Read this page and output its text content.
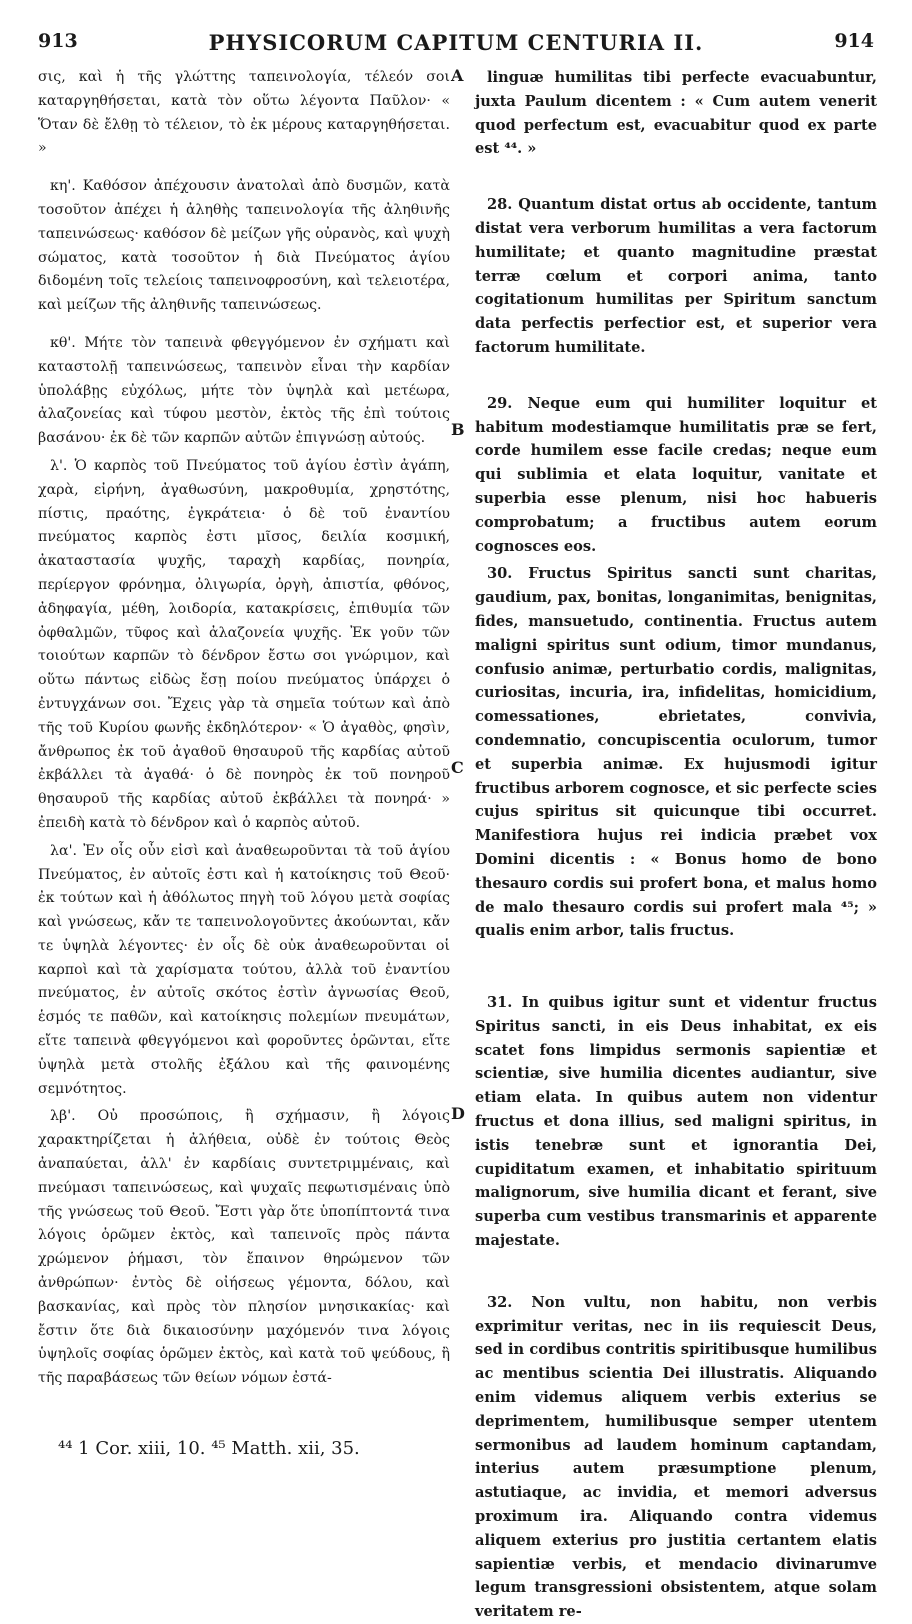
913	PHYSICORUM CAPITUM CENTURIA II.	914

σις, καὶ ἡ τῆς γλώττης ταπεινολογία, τέλεόν σοι καταργηθήσεται, κατὰ τὸν οὕτω λέγοντα Παῦλον· « Ὅταν δὲ ἔλθῃ τὸ τέλειον, τὸ ἐκ μέρους καταργηθήσεται. »

κη'. Καθόσον ἀπέχουσιν ἀνατολαὶ ἀπὸ δυσμῶν, κατὰ τοσοῦτον ἀπέχει ἡ ἀληθὴς ταπεινολογία τῆς ἀληθινῆς ταπεινώσεως· καθόσον δὲ μείζων γῆς οὐρανὸς, καὶ ψυχὴ σώματος, κατὰ τοσοῦτον ἡ διὰ Πνεύματος ἁγίου διδομένη τοῖς τελείοις ταπεινοφροσύνη, καὶ τελειοτέρα, καὶ μείζων τῆς ἀληθινῆς ταπεινώσεως.

κθ'. Μήτε τὸν ταπεινὰ φθεγγόμενον ἐν σχήματι καὶ καταστολῇ ταπεινώσεως, ταπεινὸν εἶναι τὴν καρδίαν ὑπολάβῃς εὐχόλως, μήτε τὸν ὑψηλὰ καὶ μετέωρα, ἀλαζονείας καὶ τύφου μεστὸν, ἐκτὸς τῆς ἐπὶ τούτοις βασάνου· ἐκ δὲ τῶν καρπῶν αὐτῶν ἐπιγνώσῃ αὐτούς.

λ'. Ὁ καρπὸς τοῦ Πνεύματος τοῦ ἁγίου ἐστὶν ἀγάπη, χαρὰ, εἰρήνη, ἀγαθωσύνη, μακροθυμία, χρηστότης, πίστις, πραότης, ἐγκράτεια· ὁ δὲ τοῦ ἐναντίου πνεύματος καρπὸς ἐστι μῖσος, δειλία κοσμική, ἀκαταστασία ψυχῆς, ταραχὴ καρδίας, πονηρία, περίεργον φρόνημα, ὀλιγωρία, ὀργὴ, ἀπιστία, φθόνος, ἀδηφαγία, μέθη, λοιδορία, κατακρίσεις, ἐπιθυμία τῶν ὀφθαλμῶν, τῦφος καὶ ἀλαζονεία ψυχῆς. Ἐκ γοῦν τῶν τοιούτων καρπῶν τὸ δένδρον ἔστω σοι γνώριμον, καὶ οὕτω πάντως εἰδὼς ἔσῃ ποίου πνεύματος ὑπάρχει ὁ ἐντυγχάνων σοι. Ἔχεις γὰρ τὰ σημεῖα τούτων καὶ ἀπὸ τῆς τοῦ Κυρίου φωνῆς ἐκδηλότερον· « Ὁ ἀγαθὸς, φησὶν, ἄνθρωπος ἐκ τοῦ ἀγαθοῦ θησαυροῦ τῆς καρδίας αὐτοῦ ἐκβάλλει τὰ ἀγαθά· ὁ δὲ πονηρὸς ἐκ τοῦ πονηροῦ θησαυροῦ τῆς καρδίας αὐτοῦ ἐκβάλλει τὰ πονηρά· » ἐπειδὴ κατὰ τὸ δένδρον καὶ ὁ καρπὸς αὐτοῦ.

λα'. Ἐν οἷς οὖν εἰσὶ καὶ ἀναθεωροῦνται τὰ τοῦ ἁγίου Πνεύματος, ἐν αὐτοῖς ἐστι καὶ ἡ κατοίκησις τοῦ Θεοῦ· ἐκ τούτων καὶ ἡ ἀθόλωτος πηγὴ τοῦ λόγου μετὰ σοφίας καὶ γνώσεως, κἄν τε ταπεινολογοῦντες ἀκούωνται, κἄν τε ὑψηλὰ λέγοντες· ἐν οἷς δὲ οὐκ ἀναθεωροῦνται οἱ καρποὶ καὶ τὰ χαρίσματα τούτου, ἀλλὰ τοῦ ἐναντίου πνεύματος, ἐν αὐτοῖς σκότος ἐστὶν ἀγνωσίας Θεοῦ, ἑσμός τε παθῶν, καὶ κατοίκησις πολεμίων πνευμάτων, εἴτε ταπεινὰ φθεγγόμενοι καὶ φοροῦντες ὁρῶνται, εἴτε ὑψηλὰ μετὰ στολῆς ἐξάλου καὶ τῆς φαινομένης σεμνότητος.

λβ'. Οὐ προσώποις, ἢ σχήμασιν, ἢ λόγοις χαρακτηρίζεται ἡ ἀλήθεια, οὐδὲ ἐν τούτοις Θεὸς ἀναπαύεται, ἀλλ' ἐν καρδίαις συντετριμμέναις, καὶ πνεύμασι ταπεινώσεως, καὶ ψυχαῖς πεφωτισμέναις ὑπὸ τῆς γνώσεως τοῦ Θεοῦ. Ἔστι γὰρ ὅτε ὑποπίπτοντά τινα λόγοις ὁρῶμεν ἐκτὸς, καὶ ταπεινοῖς πρὸς πάντα χρώμενον ῥήμασι, τὸν ἔπαινον θηρώμενον τῶν ἀνθρώπων· ἐντὸς δὲ οἰήσεως γέμοντα, δόλου, καὶ βασκανίας, καὶ πρὸς τὸν πλησίον μνησικακίας· καὶ ἔστιν ὅτε διὰ δικαιοσύνην μαχόμενόν τινα λόγοις ὑψηλοῖς σοφίας ὁρῶμεν ἐκτὸς, καὶ κατὰ τοῦ ψεύδους, ἢ τῆς παραβάσεως τῶν θείων νόμων ἐστά-

A
B
C
D

linguæ humilitas tibi perfecte evacuabuntur, juxta Paulum dicentem : « Cum autem venerit quod perfectum est, evacuabitur quod ex parte est ⁴⁴. »

28. Quantum distat ortus ab occidente, tantum distat vera verborum humilitas a vera factorum humilitate; et quanto magnitudine præstat terræ cœlum et corpori anima, tanto cogitationum humilitas per Spiritum sanctum data perfectis perfectior est, et superior vera factorum humilitate.

29. Neque eum qui humiliter loquitur et habitum modestiamque humilitatis præ se fert, corde humilem esse facile credas; neque eum qui sublimia et elata loquitur, vanitate et superbia esse plenum, nisi hoc habueris comprobatum; a fructibus autem eorum cognosces eos.

30. Fructus Spiritus sancti sunt charitas, gaudium, pax, bonitas, longanimitas, benignitas, fides, mansuetudo, continentia. Fructus autem maligni spiritus sunt odium, timor mundanus, confusio animæ, perturbatio cordis, malignitas, curiositas, incuria, ira, infidelitas, homicidium, comessationes, ebrietates, convivia, condemnatio, concupiscentia oculorum, tumor et superbia animæ. Ex hujusmodi igitur fructibus arborem cognosce, et sic perfecte scies cujus spiritus sit quicunque tibi occurret. Manifestiora hujus rei indicia præbet vox Domini dicentis : « Bonus homo de bono thesauro cordis sui profert bona, et malus homo de malo thesauro cordis sui profert mala ⁴⁵; » qualis enim arbor, talis fructus.

31. In quibus igitur sunt et videntur fructus Spiritus sancti, in eis Deus inhabitat, ex eis scatet fons limpidus sermonis sapientiæ et scientiæ, sive humilia dicentes audiantur, sive etiam elata. In quibus autem non videntur fructus et dona illius, sed maligni spiritus, in istis tenebræ sunt et ignorantia Dei, cupiditatum examen, et inhabitatio spirituum malignorum, sive humilia dicant et ferant, sive superba cum vestibus transmarinis et apparente majestate.

32. Non vultu, non habitu, non verbis exprimitur veritas, nec in iis requiescit Deus, sed in cordibus contritis spiritibusque humilibus ac mentibus scientia Dei illustratis. Aliquando enim videmus aliquem verbis exterius se deprimentem, humilibusque semper utentem sermonibus ad laudem hominum captandam, interius autem præsumptione plenum, astutiaque, ac invidia, et memori adversus proximum ira. Aliquando contra videmus aliquem exterius pro justitia certantem elatis sapientiæ verbis, et mendacio divinarumve legum transgressioni obsistentem, atque solam veritatem re-

⁴⁴ 1 Cor. xiii, 10. ⁴⁵ Matth. xii, 35.
